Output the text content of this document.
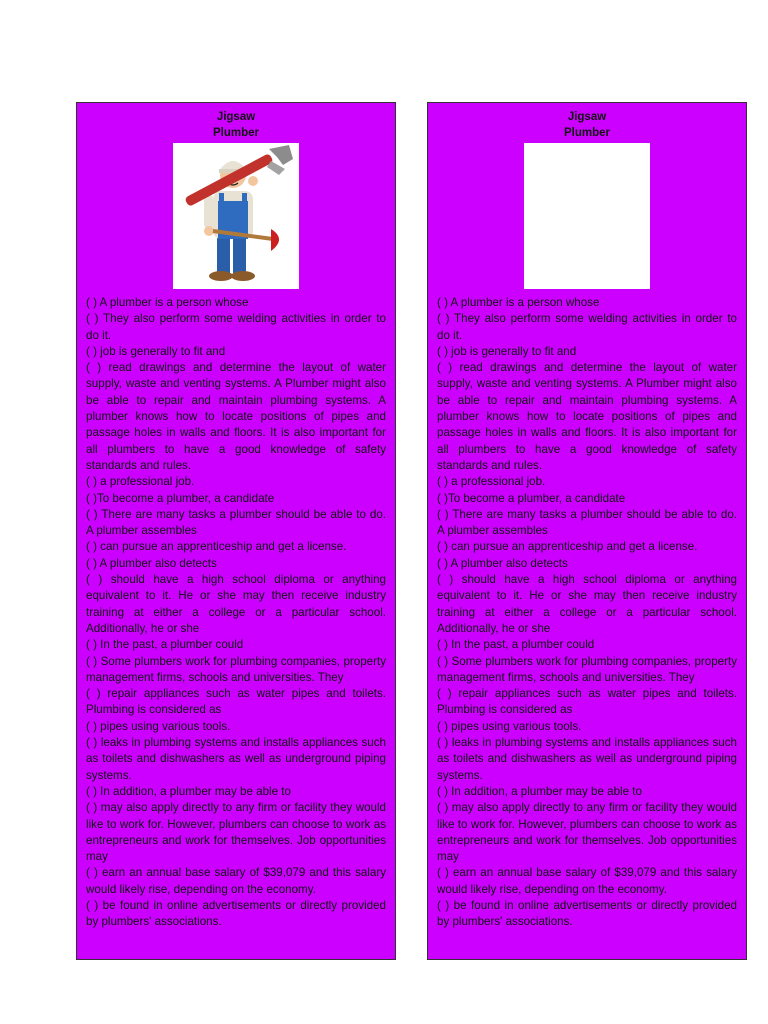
Jigsaw
Plumber
( ) A plumber is a person whose
( ) They also perform some welding activities in order to do it.
( ) job is generally to fit and
( ) read drawings and determine the layout of water supply, waste and venting systems. A Plumber might also be able to repair and maintain plumbing systems. A plumber knows how to locate positions of pipes and passage holes in walls and floors. It is also important for all plumbers to have a good knowledge of safety standards and rules.
( ) a professional job.
( )To become a plumber, a candidate
( ) There are many tasks a plumber should be able to do. A plumber assembles
( ) can pursue an apprenticeship and get a license.
( ) A plumber also detects
( ) should have a high school diploma or anything equivalent to it. He or she may then receive industry training at either a college or a particular school. Additionally, he or she
( ) In the past, a plumber could
( ) Some plumbers work for plumbing companies, property management firms, schools and universities. They
( ) repair appliances such as water pipes and toilets. Plumbing is considered as
( ) pipes using various tools.
( ) leaks in plumbing systems and installs appliances such as toilets and dishwashers as well as underground piping systems.
( ) In addition, a plumber may be able to
( ) may also apply directly to any firm or facility they would like to work for. However, plumbers can choose to work as entrepreneurs and work for themselves. Job opportunities may
( ) earn an annual base salary of $39,079 and this salary would likely rise, depending on the economy.
( ) be found in online advertisements or directly provided by plumbers' associations.
Jigsaw
Plumber
( ) A plumber is a person whose
( ) They also perform some welding activities in order to do it.
( ) job is generally to fit and
( ) read drawings and determine the layout of water supply, waste and venting systems. A Plumber might also be able to repair and maintain plumbing systems. A plumber knows how to locate positions of pipes and passage holes in walls and floors. It is also important for all plumbers to have a good knowledge of safety standards and rules.
( ) a professional job.
( )To become a plumber, a candidate
( ) There are many tasks a plumber should be able to do. A plumber assembles
( ) can pursue an apprenticeship and get a license.
( ) A plumber also detects
( ) should have a high school diploma or anything equivalent to it. He or she may then receive industry training at either a college or a particular school. Additionally, he or she
( ) In the past, a plumber could
( ) Some plumbers work for plumbing companies, property management firms, schools and universities. They
( ) repair appliances such as water pipes and toilets. Plumbing is considered as
( ) pipes using various tools.
( ) leaks in plumbing systems and installs appliances such as toilets and dishwashers as well as underground piping systems.
( ) In addition, a plumber may be able to
( ) may also apply directly to any firm or facility they would like to work for. However, plumbers can choose to work as entrepreneurs and work for themselves. Job opportunities may
( ) earn an annual base salary of $39,079 and this salary would likely rise, depending on the economy.
( ) be found in online advertisements or directly provided by plumbers' associations.
